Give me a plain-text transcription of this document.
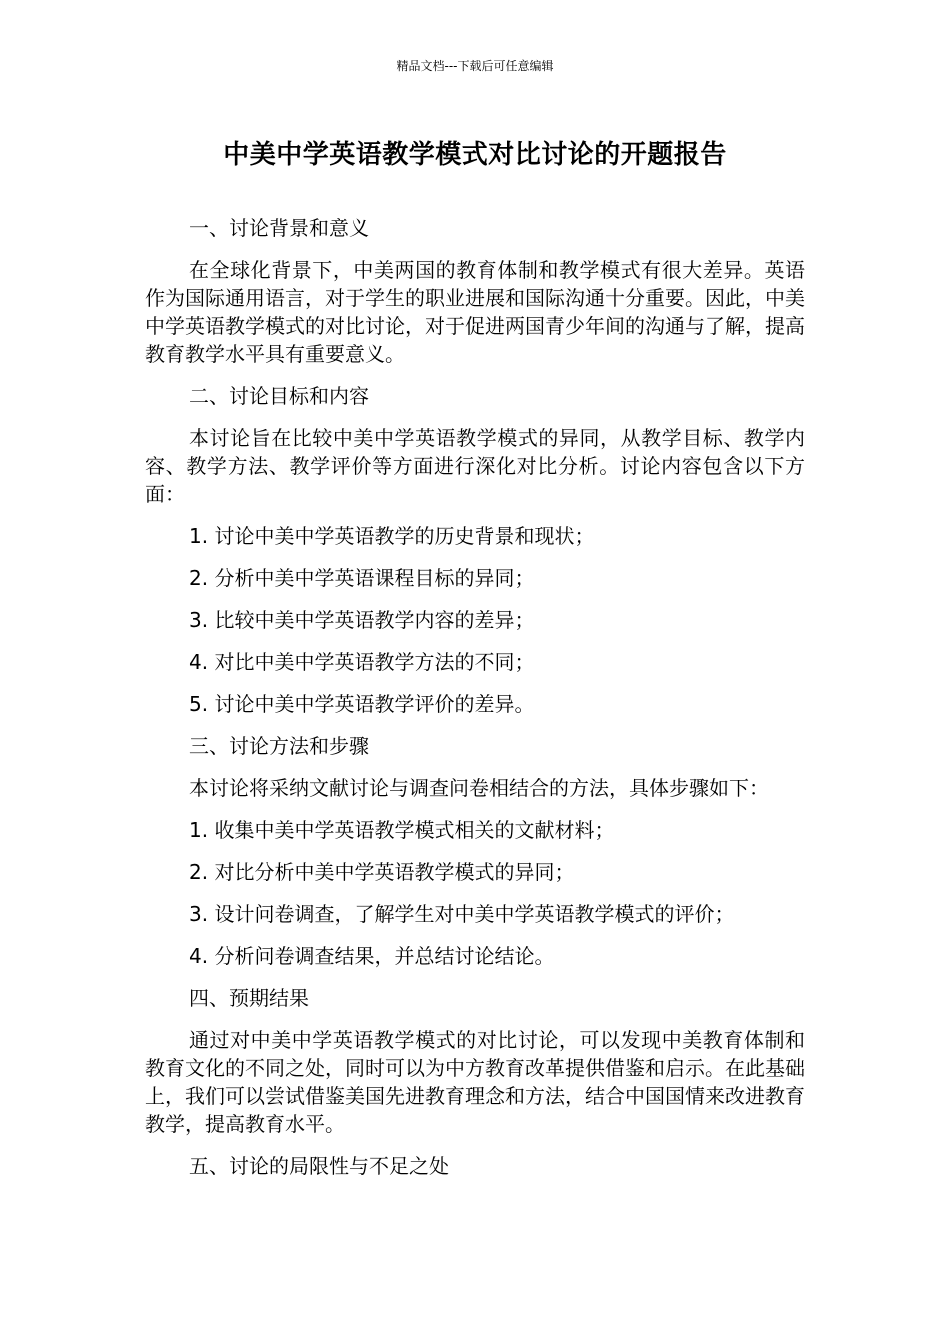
精品文档---下载后可任意编辑
中美中学英语教学模式对比讨论的开题报告

一、讨论背景和意义

在全球化背景下，中美两国的教育体制和教学模式有很大差异。英语作为国际通用语言，对于学生的职业进展和国际沟通十分重要。因此，中美中学英语教学模式的对比讨论，对于促进两国青少年间的沟通与了解，提高教育教学水平具有重要意义。

二、讨论目标和内容

本讨论旨在比较中美中学英语教学模式的异同，从教学目标、教学内容、教学方法、教学评价等方面进行深化对比分析。讨论内容包含以下方面：

1. 讨论中美中学英语教学的历史背景和现状；

2. 分析中美中学英语课程目标的异同；

3. 比较中美中学英语教学内容的差异；

4. 对比中美中学英语教学方法的不同；

5. 讨论中美中学英语教学评价的差异。

三、讨论方法和步骤

本讨论将采纳文献讨论与调查问卷相结合的方法，具体步骤如下：

1. 收集中美中学英语教学模式相关的文献材料；

2. 对比分析中美中学英语教学模式的异同；

3. 设计问卷调查，了解学生对中美中学英语教学模式的评价；

4. 分析问卷调查结果，并总结讨论结论。

四、预期结果

通过对中美中学英语教学模式的对比讨论，可以发现中美教育体制和教育文化的不同之处，同时可以为中方教育改革提供借鉴和启示。在此基础上，我们可以尝试借鉴美国先进教育理念和方法，结合中国国情来改进教育教学，提高教育水平。

五、讨论的局限性与不足之处
